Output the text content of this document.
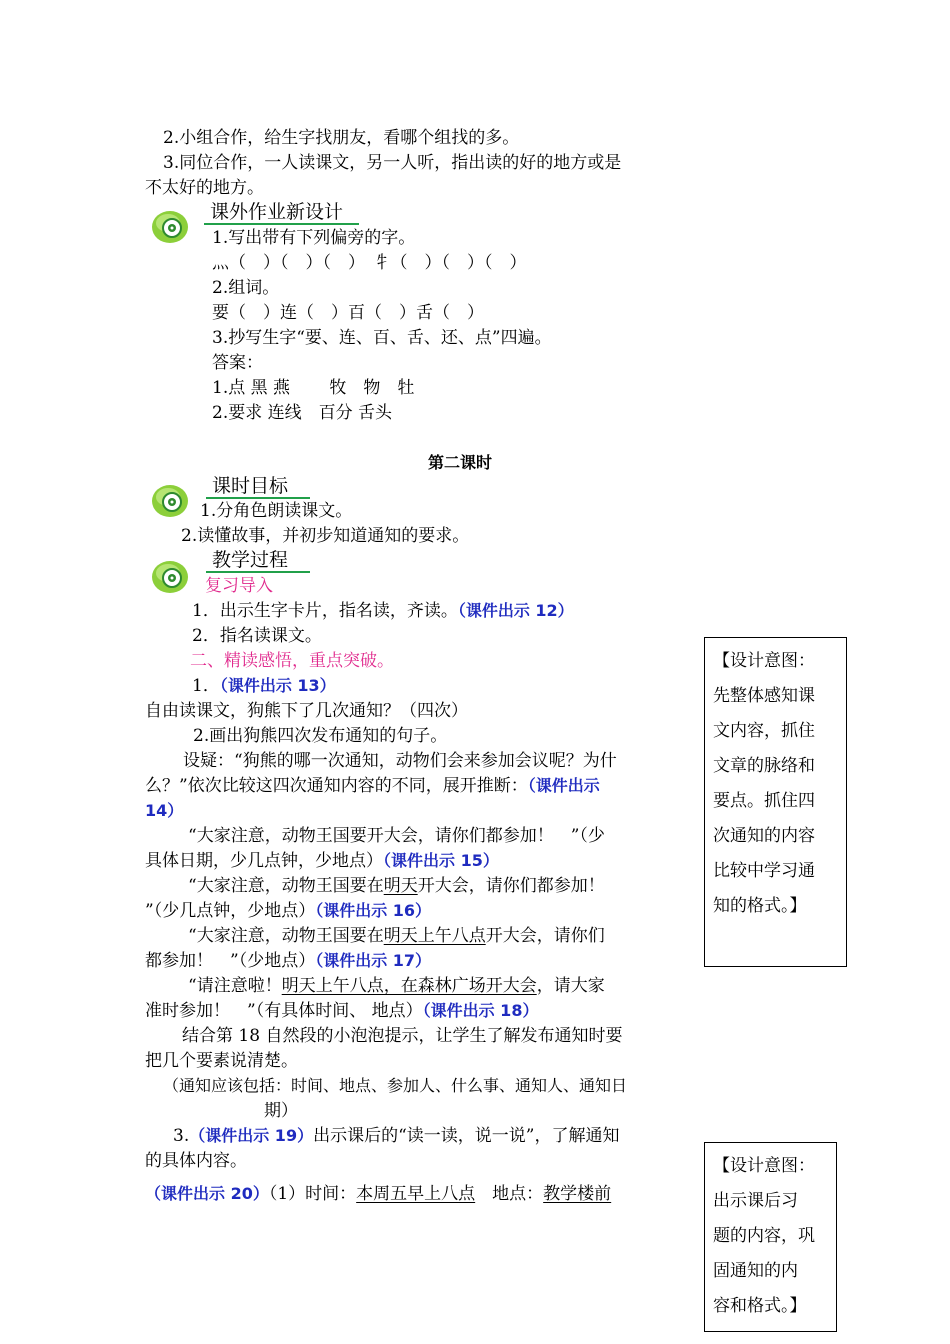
2.小组合作，给生字找朋友，看哪个组找的多。
3.同位合作，一人读课文，另一人听，指出读的好的地方或是
不太好的地方。
课外作业新设计
1.写出带有下列偏旁的字。
灬（　）（　）（　）　牜（　）（　）（　）
2.组词。
要（　）连（　）百（　）舌（　）
3.抄写生字“要、连、百、舌、还、点”四遍。
答案：
1.点 黑 燕　　 牧　物　牡
2.要求 连线　百分 舌头
第二课时
课时目标
1.分角色朗读课文。
2.读懂故事，并初步知道通知的要求。
教学过程
复习导入
1．出示生字卡片，指名读，齐读。（课件出示 12）
2．指名读课文。
二、精读感悟，重点突破。
1．（课件出示 13）
自由读课文，狗熊下了几次通知？（四次）
2.画出狗熊四次发布通知的句子。
设疑：“狗熊的哪一次通知，动物们会来参加会议呢？为什
么？”依次比较这四次通知内容的不同，展开推断：（课件出示
14）
“大家注意，动物王国要开大会，请你们都参加！　”（少
具体日期，少几点钟，少地点）（课件出示 15）
“大家注意，动物王国要在明天开大会，请你们都参加！
”（少几点钟，少地点）（课件出示 16）
“大家注意，动物王国要在明天上午八点开大会，请你们
都参加！　”（少地点）（课件出示 17）
“请注意啦！明天上午八点，在森林广场开大会，请大家
准时参加！　”（有具体时间、 地点）（课件出示 18）
结合第 18 自然段的小泡泡提示，让学生了解发布通知时要
把几个要素说清楚。
（通知应该包括：时间、地点、参加人、什么事、通知人、通知日
期）
3.（课件出示 19）出示课后的“读一读，说一说”，了解通知
的具体内容。
（课件出示 20）（1）时间：本周五早上八点　地点：教学楼前
【设计意图：
先整体感知课
文内容，抓住
文章的脉络和
要点。抓住四
次通知的内容
比较中学习通
知的格式。】
【设计意图：
出示课后习
题的内容，巩
固通知的内
容和格式。】
